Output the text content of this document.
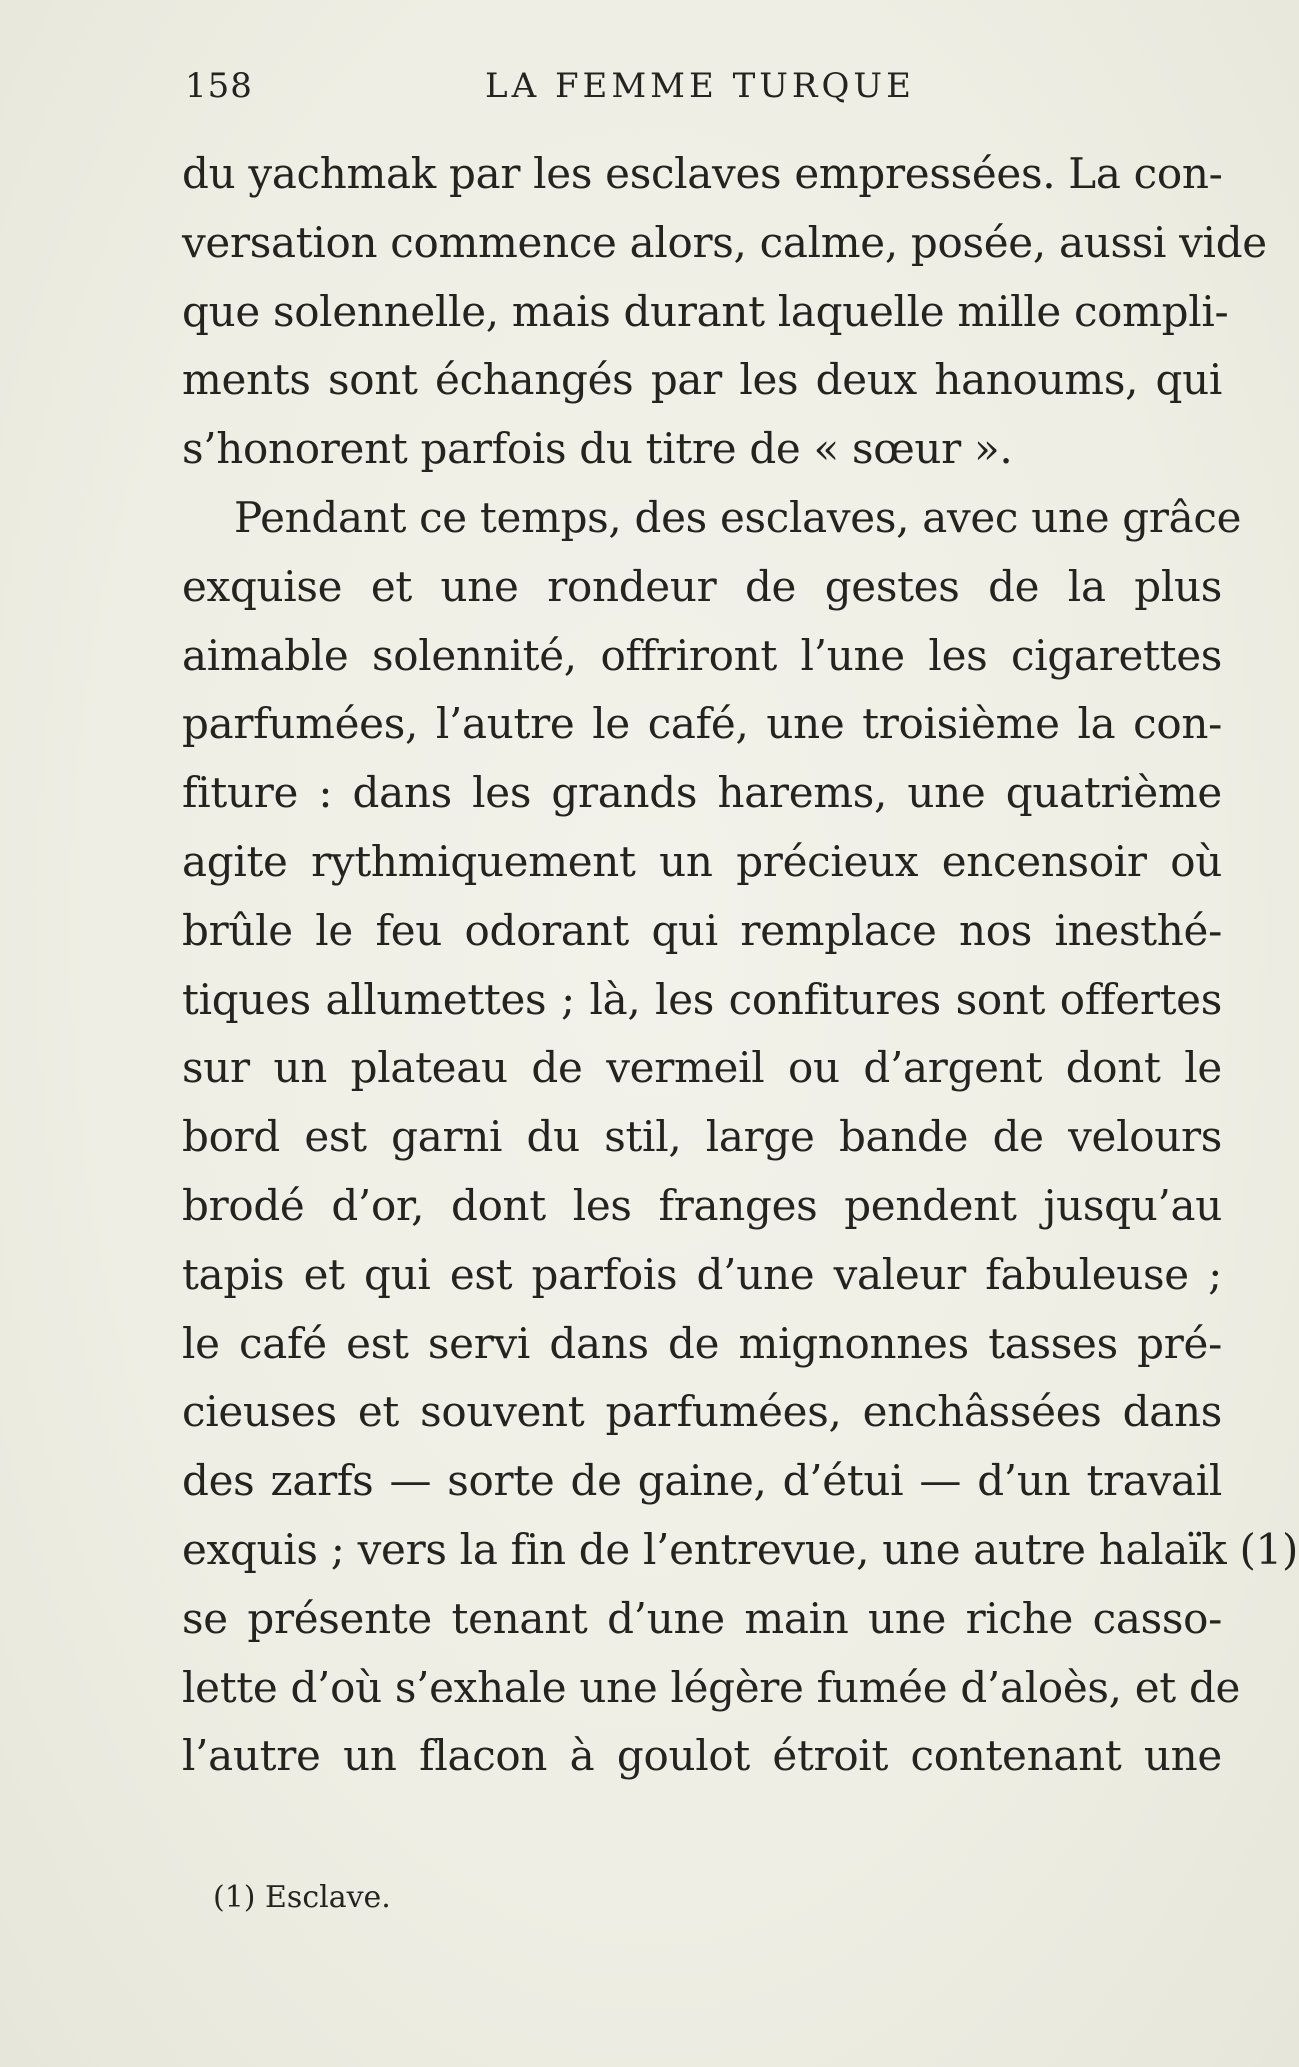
158	LA FEMME TURQUE
du yachmak par les esclaves empressées. La con-
versation commence alors, calme, posée, aussi vide
que solennelle, mais durant laquelle mille compli-
ments sont échangés par les deux hanoums, qui
s’honorent parfois du titre de « sœur ».
Pendant ce temps, des esclaves, avec une grâce
exquise et une rondeur de gestes de la plus
aimable solennité, offriront l’une les cigarettes
parfumées, l’autre le café, une troisième la con-
fiture : dans les grands harems, une quatrième
agite rythmiquement un précieux encensoir où
brûle le feu odorant qui remplace nos inesthé-
tiques allumettes ; là, les confitures sont offertes
sur un plateau de vermeil ou d’argent dont le
bord est garni du stil, large bande de velours
brodé d’or, dont les franges pendent jusqu’au
tapis et qui est parfois d’une valeur fabuleuse ;
le café est servi dans de mignonnes tasses pré-
cieuses et souvent parfumées, enchâssées dans
des zarfs — sorte de gaine, d’étui — d’un travail
exquis ; vers la fin de l’entrevue, une autre halaïk (1)
se présente tenant d’une main une riche casso-
lette d’où s’exhale une légère fumée d’aloès, et de
l’autre un flacon à goulot étroit contenant une
(1) Esclave.
